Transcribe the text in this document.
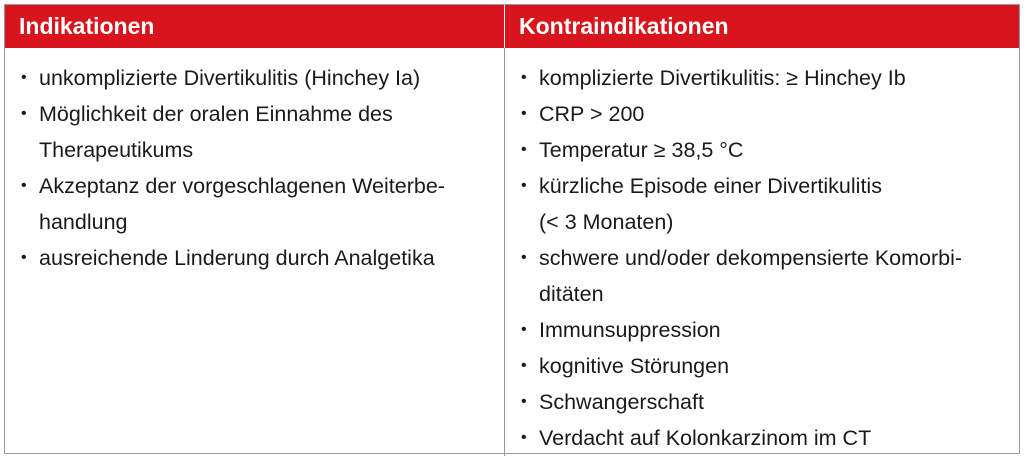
Indikationen	Kontraindikationen
• unkomplizierte Divertikulitis (Hinchey Ia)
• Möglichkeit der oralen Einnahme des
Therapeutikums
• Akzeptanz der vorgeschlagenen Weiterbe-
handlung
• ausreichende Linderung durch Analgetika
• komplizierte Divertikulitis: ≥ Hinchey Ib
• CRP > 200
• Temperatur ≥ 38,5 °C
• kürzliche Episode einer Divertikulitis
(< 3 Monaten)
• schwere und/oder dekompensierte Komorbi-
ditäten
• Immunsuppression
• kognitive Störungen
• Schwangerschaft
• Verdacht auf Kolonkarzinom im CT
